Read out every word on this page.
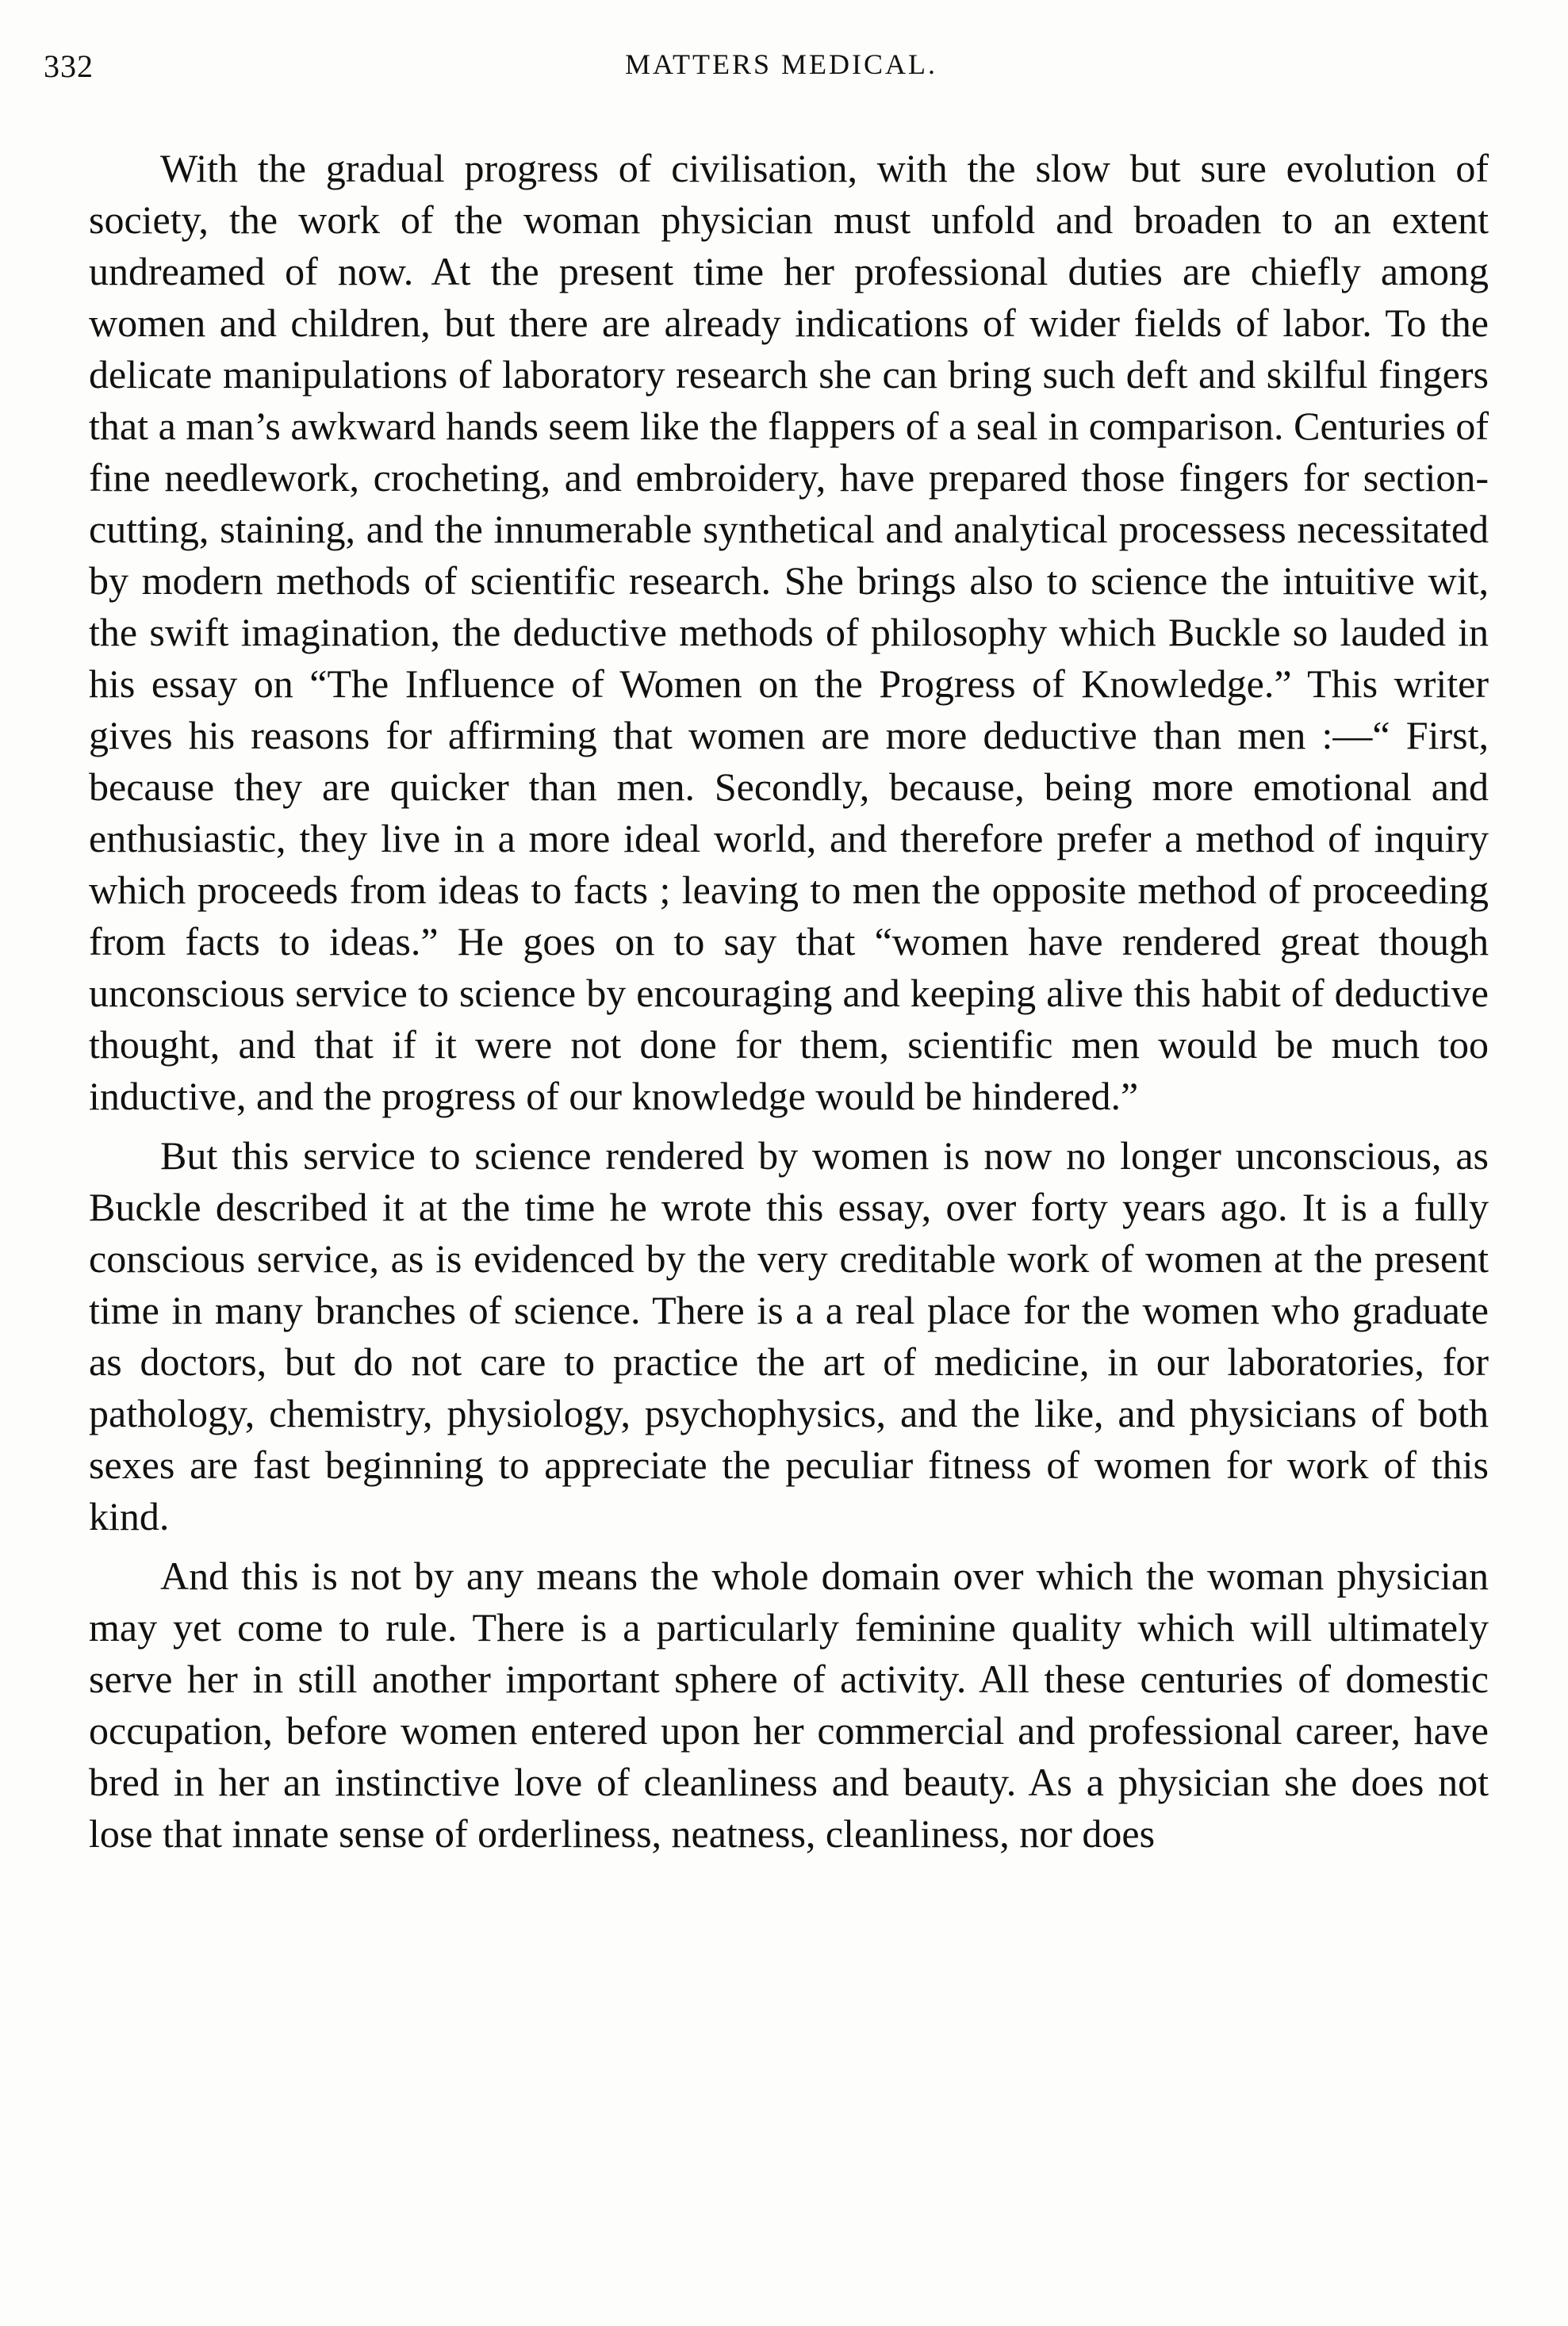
332	MATTERS MEDICAL.

With the gradual progress of civilisation, with the slow but sure evolution of society, the work of the woman physician must unfold and broaden to an extent undreamed of now. At the present time her professional duties are chiefly among women and children, but there are already indications of wider fields of labor. To the delicate manipulations of laboratory research she can bring such deft and skilful fingers that a man’s awkward hands seem like the flappers of a seal in comparison. Centuries of fine needlework, crocheting, and embroidery, have prepared those fingers for section-cutting, staining, and the innumerable synthetical and analytical processess necessitated by modern methods of scientific research. She brings also to science the intuitive wit, the swift imagination, the deductive methods of philosophy which Buckle so lauded in his essay on “The Influence of Women on the Progress of Knowledge.” This writer gives his reasons for affirming that women are more deductive than men :—“ First, because they are quicker than men. Secondly, because, being more emotional and enthusiastic, they live in a more ideal world, and therefore prefer a method of inquiry which proceeds from ideas to facts ; leaving to men the opposite method of proceeding from facts to ideas.” He goes on to say that “women have rendered great though unconscious service to science by encouraging and keeping alive this habit of deductive thought, and that if it were not done for them, scientific men would be much too inductive, and the progress of our knowledge would be hindered.”

But this service to science rendered by women is now no longer unconscious, as Buckle described it at the time he wrote this essay, over forty years ago. It is a fully conscious service, as is evidenced by the very creditable work of women at the present time in many branches of science. There is a a real place for the women who graduate as doctors, but do not care to practice the art of medicine, in our laboratories, for pathology, chemistry, physiology, psychophysics, and the like, and physicians of both sexes are fast beginning to appreciate the peculiar fitness of women for work of this kind.

And this is not by any means the whole domain over which the woman physician may yet come to rule. There is a particularly feminine quality which will ultimately serve her in still another important sphere of activity. All these centuries of domestic occupation, before women entered upon her commercial and professional career, have bred in her an instinctive love of cleanliness and beauty. As a physician she does not lose that innate sense of orderliness, neatness, cleanliness, nor does
